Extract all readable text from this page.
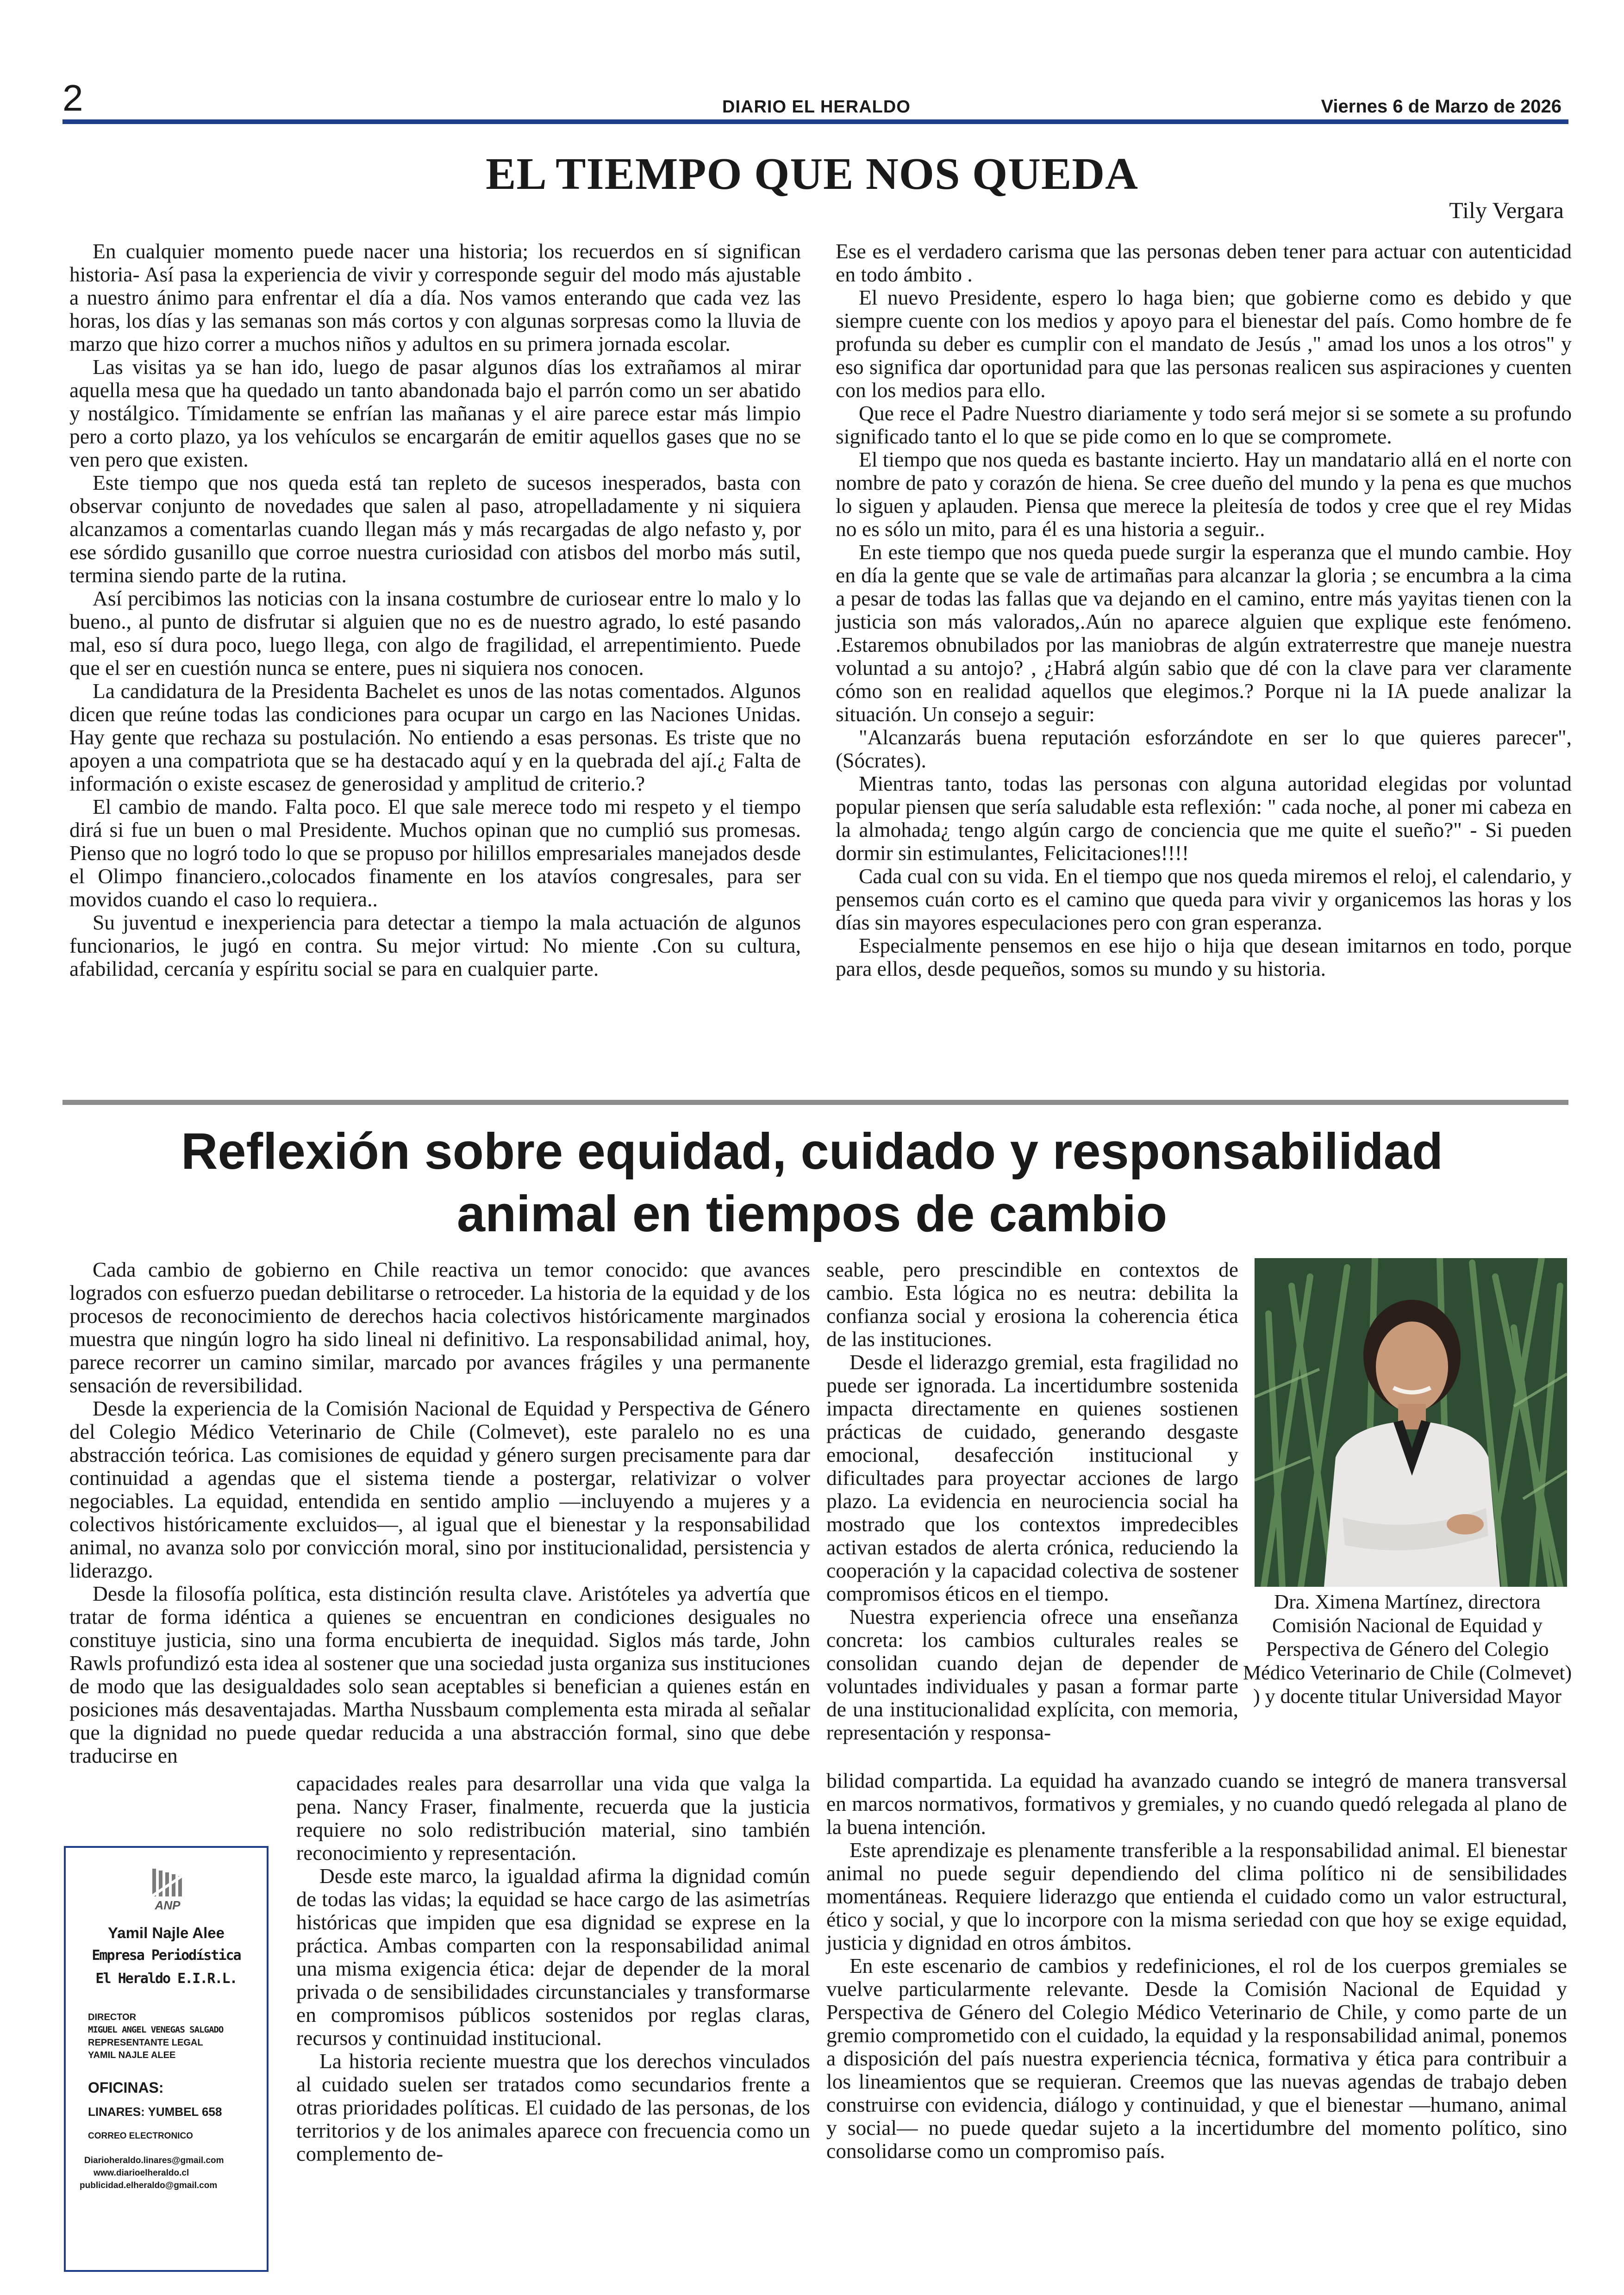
2	DIARIO EL HERALDO	Viernes 6 de Marzo de 2026
EL TIEMPO QUE NOS QUEDA
Tily Vergara

En cualquier momento puede nacer una historia; los recuerdos en sí significan historia- Así pasa la experiencia de vivir y corresponde seguir del modo más ajustable a nuestro ánimo para enfrentar el día a día. Nos vamos enterando que cada vez las horas, los días y las semanas son más cortos y con algunas sorpresas como la lluvia de marzo que hizo correr a muchos niños y adultos en su primera jornada escolar.

Las visitas ya se han ido, luego de pasar algunos días los extrañamos al mirar aquella mesa que ha quedado un tanto abandonada bajo el parrón como un ser abatido y nostálgico. Tímidamente se enfrían las mañanas y el aire parece estar más limpio pero a corto plazo, ya los vehículos se encargarán de emitir aquellos gases que no se ven pero que existen.

Este tiempo que nos queda está tan repleto de sucesos inesperados, basta con observar conjunto de novedades que salen al paso, atropelladamente y ni siquiera alcanzamos a comentarlas cuando llegan más y más recargadas de algo nefasto y, por ese sórdido gusanillo que corroe nuestra curiosidad con atisbos del morbo más sutil, termina siendo parte de la rutina.

Así percibimos las noticias con la insana costumbre de curiosear entre lo malo y lo bueno., al punto de disfrutar si alguien que no es de nuestro agrado, lo esté pasando mal, eso sí dura poco, luego llega, con algo de fragilidad, el arrepentimiento. Puede que el ser en cuestión nunca se entere, pues ni siquiera nos conocen.

La candidatura de la Presidenta Bachelet es unos de las notas comentados. Algunos dicen que reúne todas las condiciones para ocupar un cargo en las Naciones Unidas. Hay gente que rechaza su postulación. No entiendo a esas personas. Es triste que no apoyen a una compatriota que se ha destacado aquí y en la quebrada del ají.¿ Falta de información o existe escasez de generosidad y amplitud de criterio.?

El cambio de mando. Falta poco. El que sale merece todo mi respeto y el tiempo dirá si fue un buen o mal Presidente. Muchos opinan que no cumplió sus promesas. Pienso que no logró todo lo que se propuso por hilillos empresariales manejados desde el Olimpo financiero.,colocados finamente en los atavíos congresales, para ser movidos cuando el caso lo requiera..

Su juventud e inexperiencia para detectar a tiempo la mala actuación de algunos funcionarios, le jugó en contra. Su mejor virtud: No miente .Con su cultura, afabilidad, cercanía y espíritu social se para en cualquier parte.

Ese es el verdadero carisma que las personas deben tener para actuar con autenticidad en todo ámbito .

El nuevo Presidente, espero lo haga bien; que gobierne como es debido y que siempre cuente con los medios y apoyo para el bienestar del país. Como hombre de fe profunda su deber es cumplir con el mandato de Jesús ," amad los unos a los otros" y eso significa dar oportunidad para que las personas realicen sus aspiraciones y cuenten con los medios para ello.

Que rece el Padre Nuestro diariamente y todo será mejor si se somete a su profundo significado tanto el lo que se pide como en lo que se compromete.

El tiempo que nos queda es bastante incierto. Hay un mandatario allá en el norte con nombre de pato y corazón de hiena. Se cree dueño del mundo y la pena es que muchos lo siguen y aplauden. Piensa que merece la pleitesía de todos y cree que el rey Midas no es sólo un mito, para él es una historia a seguir..

En este tiempo que nos queda puede surgir la esperanza que el mundo cambie. Hoy en día la gente que se vale de artimañas para alcanzar la gloria ; se encumbra a la cima a pesar de todas las fallas que va dejando en el camino, entre más yayitas tienen con la justicia son más valorados,.Aún no aparece alguien que explique este fenómeno. .Estaremos obnubilados por las maniobras de algún extraterrestre que maneje nuestra voluntad a su antojo? , ¿Habrá algún sabio que dé con la clave para ver claramente cómo son en realidad aquellos que elegimos.? Porque ni la IA puede analizar la situación. Un consejo a seguir:

"Alcanzarás buena reputación esforzándote en ser lo que quieres parecer", (Sócrates).

Mientras tanto, todas las personas con alguna autoridad elegidas por voluntad popular piensen que sería saludable esta reflexión: " cada noche, al poner mi cabeza en la almohada¿ tengo algún cargo de conciencia que me quite el sueño?" - Si pueden dormir sin estimulantes, Felicitaciones!!!!

Cada cual con su vida. En el tiempo que nos queda miremos el reloj, el calendario, y pensemos cuán corto es el camino que queda para vivir y organicemos las horas y los días sin mayores especulaciones pero con gran esperanza.

Especialmente pensemos en ese hijo o hija que desean imitarnos en todo, porque para ellos, desde pequeños, somos su mundo y su historia.

Reflexión sobre equidad, cuidado y responsabilidad
animal en tiempos de cambio

Cada cambio de gobierno en Chile reactiva un temor conocido: que avances logrados con esfuerzo puedan debilitarse o retroceder. La historia de la equidad y de los procesos de reconocimiento de derechos hacia colectivos históricamente marginados muestra que ningún logro ha sido lineal ni definitivo. La responsabilidad animal, hoy, parece recorrer un camino similar, marcado por avances frágiles y una permanente sensación de reversibilidad.

Desde la experiencia de la Comisión Nacional de Equidad y Perspectiva de Género del Colegio Médico Veterinario de Chile (Colmevet), este paralelo no es una abstracción teórica. Las comisiones de equidad y género surgen precisamente para dar continuidad a agendas que el sistema tiende a postergar, relativizar o volver negociables. La equidad, entendida en sentido amplio —incluyendo a mujeres y a colectivos históricamente excluidos—, al igual que el bienestar y la responsabilidad animal, no avanza solo por convicción moral, sino por institucionalidad, persistencia y liderazgo.

Desde la filosofía política, esta distinción resulta clave. Aristóteles ya advertía que tratar de forma idéntica a quienes se encuentran en condiciones desiguales no constituye justicia, sino una forma encubierta de inequidad. Siglos más tarde, John Rawls profundizó esta idea al sostener que una sociedad justa organiza sus instituciones de modo que las desigualdades solo sean aceptables si benefician a quienes están en posiciones más desaventajadas. Martha Nussbaum complementa esta mirada al señalar que la dignidad no puede quedar reducida a una abstracción formal, sino que debe traducirse en

capacidades reales para desarrollar una vida que valga la pena. Nancy Fraser, finalmente, recuerda que la justicia requiere no solo redistribución material, sino también reconocimiento y representación.

Desde este marco, la igualdad afirma la dignidad común de todas las vidas; la equidad se hace cargo de las asimetrías históricas que impiden que esa dignidad se exprese en la práctica. Ambas comparten con la responsabilidad animal una misma exigencia ética: dejar de depender de la moral privada o de sensibilidades circunstanciales y transformarse en compromisos públicos sostenidos por reglas claras, recursos y continuidad institucional.

La historia reciente muestra que los derechos vinculados al cuidado suelen ser tratados como secundarios frente a otras prioridades políticas. El cuidado de las personas, de los territorios y de los animales aparece con frecuencia como un complemento de-

seable, pero prescindible en contextos de cambio. Esta lógica no es neutra: debilita la confianza social y erosiona la coherencia ética de las instituciones.

Desde el liderazgo gremial, esta fragilidad no puede ser ignorada. La incertidumbre sostenida impacta directamente en quienes sostienen prácticas de cuidado, generando desgaste emocional, desafección institucional y dificultades para proyectar acciones de largo plazo. La evidencia en neurociencia social ha mostrado que los contextos impredecibles activan estados de alerta crónica, reduciendo la cooperación y la capacidad colectiva de sostener compromisos éticos en el tiempo.

Nuestra experiencia ofrece una enseñanza concreta: los cambios culturales reales se consolidan cuando dejan de depender de voluntades individuales y pasan a formar parte de una institucionalidad explícita, con memoria, representación y responsa-

bilidad compartida. La equidad ha avanzado cuando se integró de manera transversal en marcos normativos, formativos y gremiales, y no cuando quedó relegada al plano de la buena intención.

Este aprendizaje es plenamente transferible a la responsabilidad animal. El bienestar animal no puede seguir dependiendo del clima político ni de sensibilidades momentáneas. Requiere liderazgo que entienda el cuidado como un valor estructural, ético y social, y que lo incorpore con la misma seriedad con que hoy se exige equidad, justicia y dignidad en otros ámbitos.

En este escenario de cambios y redefiniciones, el rol de los cuerpos gremiales se vuelve particularmente relevante. Desde la Comisión Nacional de Equidad y Perspectiva de Género del Colegio Médico Veterinario de Chile, y como parte de un gremio comprometido con el cuidado, la equidad y la responsabilidad animal, ponemos a disposición del país nuestra experiencia técnica, formativa y ética para contribuir a los lineamientos que se requieran. Creemos que las nuevas agendas de trabajo deben construirse con evidencia, diálogo y continuidad, y que el bienestar —humano, animal y social— no puede quedar sujeto a la incertidumbre del momento político, sino consolidarse como un compromiso país.

Dra. Ximena Martínez, directora Comisión Nacional de Equidad y Perspectiva de Género del Colegio Médico Veterinario de Chile (Colmevet) ) y docente titular Universidad Mayor
ANP
Yamil Najle Alee
Empresa Periodística
El Heraldo E.I.R.L.
DIRECTOR
MIGUEL ANGEL VENEGAS SALGADO
REPRESENTANTE LEGAL
YAMIL NAJLE ALEE
OFICINAS:
LINARES: YUMBEL 658
CORREO ELECTRONICO
Diarioheraldo.linares@gmail.com
www.diarioelheraldo.cl
publicidad.elheraldo@gmail.com
